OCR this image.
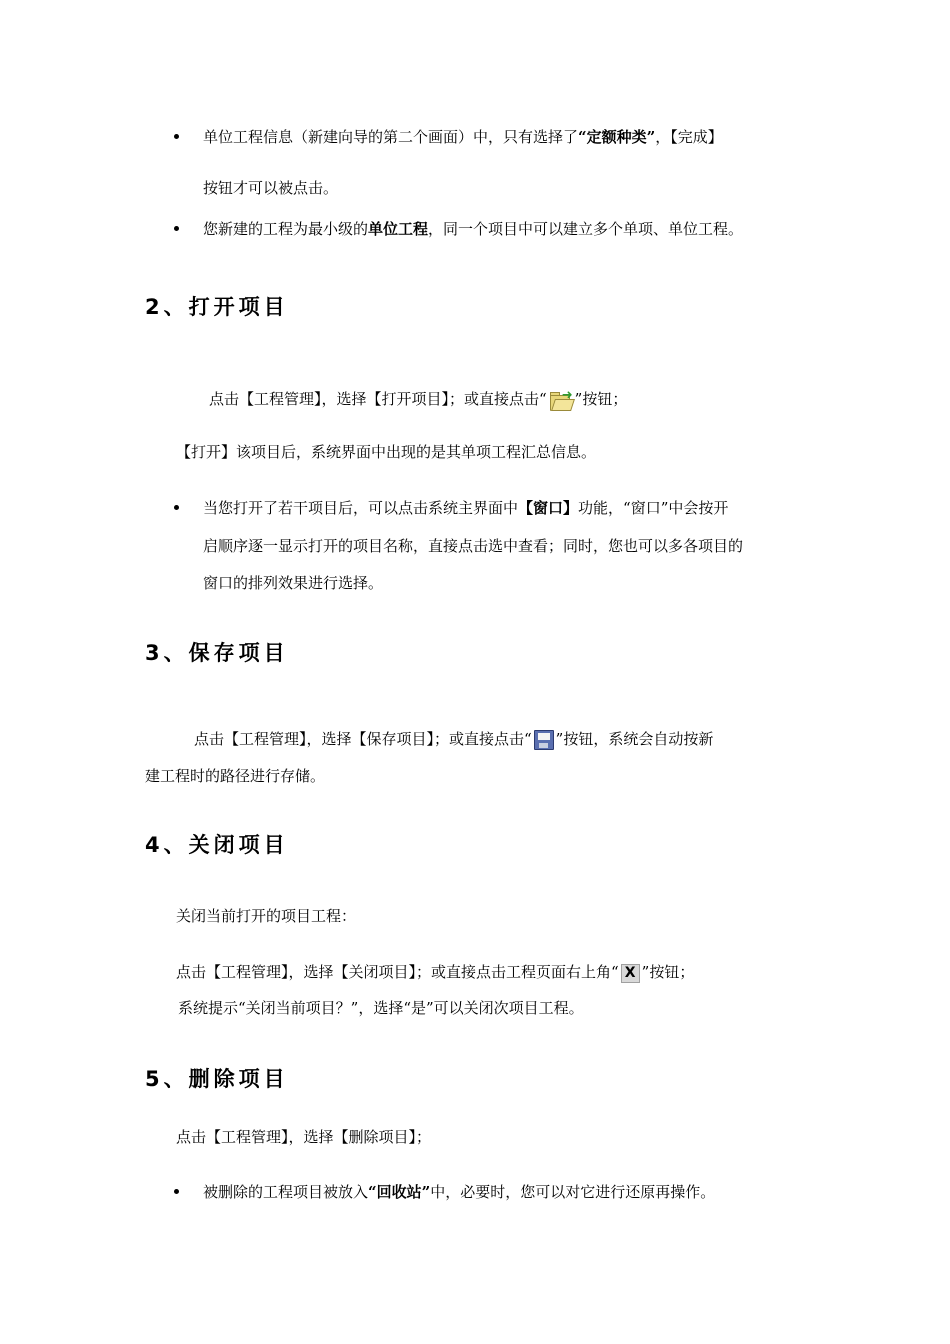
单位工程信息（新建向导的第二个画面）中，只有选择了“定额种类”，【完成】
按钮才可以被点击。
您新建的工程为最小级的单位工程，同一个项目中可以建立多个单项、单位工程。
2、打开项目
点击【工程管理】，选择【打开项目】；或直接点击“ ➜ ”按钮；
【打开】该项目后，系统界面中出现的是其单项工程汇总信息。
当您打开了若干项目后，可以点击系统主界面中【窗口】功能，“窗口”中会按开
启顺序逐一显示打开的项目名称，直接点击选中查看；同时，您也可以多各项目的
窗口的排列效果进行选择。
3、保存项目
点击【工程管理】，选择【保存项目】；或直接点击“ ”按钮，系统会自动按新
建工程时的路径进行存储。
4、关闭项目
关闭当前打开的项目工程：
点击【工程管理】，选择【关闭项目】；或直接点击工程页面右上角“ X ”按钮；
系统提示“关闭当前项目？”，选择“是”可以关闭次项目工程。
5、删除项目
点击【工程管理】，选择【删除项目】；
被删除的工程项目被放入“回收站”中，必要时，您可以对它进行还原再操作。
